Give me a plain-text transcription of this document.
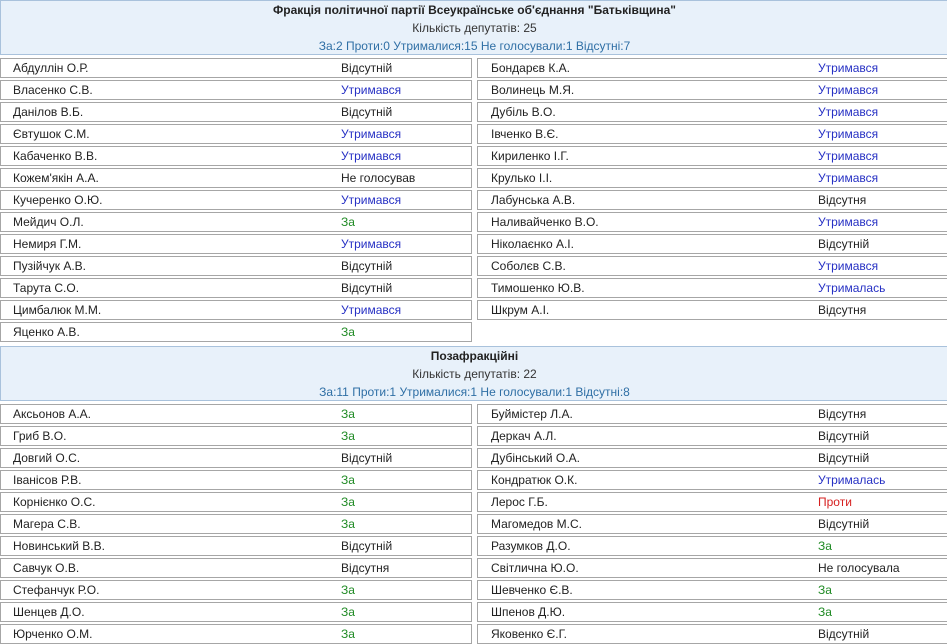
Фракція політичної партії Всеукраїнське об'єднання "Батьківщина"
Кількість депутатів: 25
За:2 Проти:0 Утрималися:15 Не голосували:1 Відсутні:7
Абдуллін О.Р.	Відсутній	Бондарєв К.А.	Утримався
Власенко С.В.	Утримався	Волинець М.Я.	Утримався
Данілов В.Б.	Відсутній	Дубіль В.О.	Утримався
Євтушок С.М.	Утримався	Івченко В.Є.	Утримався
Кабаченко В.В.	Утримався	Кириленко І.Г.	Утримався
Кожем'якін А.А.	Не голосував	Крулько І.І.	Утримався
Кучеренко О.Ю.	Утримався	Лабунська А.В.	Відсутня
Мейдич О.Л.	За	Наливайченко В.О.	Утримався
Немиря Г.М.	Утримався	Ніколаєнко А.І.	Відсутній
Пузійчук А.В.	Відсутній	Соболєв С.В.	Утримався
Тарута С.О.	Відсутній	Тимошенко Ю.В.	Утрималась
Цимбалюк М.М.	Утримався	Шкрум А.І.	Відсутня
Яценко А.В.	За
Позафракційні
Кількість депутатів: 22
За:11 Проти:1 Утрималися:1 Не голосували:1 Відсутні:8
Аксьонов А.А.	За	Буймістер Л.А.	Відсутня
Гриб В.О.	За	Деркач А.Л.	Відсутній
Довгий О.С.	Відсутній	Дубінський О.А.	Відсутній
Іванісов Р.В.	За	Кондратюк О.К.	Утрималась
Корнієнко О.С.	За	Лерос Г.Б.	Проти
Магера С.В.	За	Магомедов М.С.	Відсутній
Новинський В.В.	Відсутній	Разумков Д.О.	За
Савчук О.В.	Відсутня	Світлична Ю.О.	Не голосувала
Стефанчук Р.О.	За	Шевченко Є.В.	За
Шенцев Д.О.	За	Шпенов Д.Ю.	За
Юрченко О.М.	За	Яковенко Є.Г.	Відсутній
